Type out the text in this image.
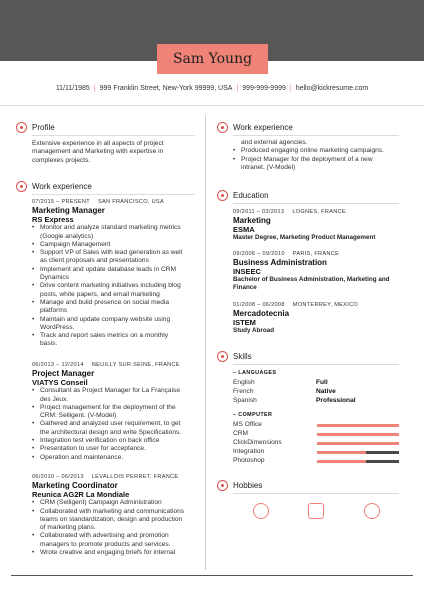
Sam Young
11/11/1985 | 999 Franklin Street, New-York 99999, USA | 999-999-9999 | hello@kickresume.com
Profile
Extensive experience in all aspects of project
management and Marketing with expertise in
complexes projects.
Work experience
07/2015 – PRESENT SAN FRANCISCO, USA
Marketing Manager
RS Express
• Monitor and analyze standard marketing metrics
(Google analytics)
• Campaign Management
• Support VP of Sales with lead generation as well
as client proposals and presentations
• Implement and update database leads in CRM
Dynamics
• Drive content marketing initiatives including blog
posts, white papers, and email marketing
• Manage and build presence on social media
platforms
• Maintain and update company website using
WordPress.
• Track and report sales metrics on a monthly
basis.
06/2013 – 12/2014 NEUILLY SUR SEINE, FRANCE
Project Manager
VIATYS Conseil
• Consultant as Project Manager for La Française
des Jeux.
• Project management for the deployment of the
CRM: Selligent. (V-Model)
• Gathered and analyzed user requirement, to get
the architectural design and write Specifications.
• Integration test verification on back office
• Presentation to user for acceptance.
• Operation and maintenance.
06/2010 – 06/2013 LEVALLOIS PERRET, FRANCE
Marketing Coordinator
Reunica AG2R La Mondiale
• CRM (Selligent) Campaign Administration
• Collaborated with marketing and communications
teams on standardization, design and production
of marketing plans.
• Collaborated with advertising and promotion
managers to promote products and services.
• Wrote creative and engaging briefs for internal
Work experience
and external agencies.
• Produced engaging online marketing campaigns.
• Project Manager for the deployment of a new
intranet. (V-Model)
Education
09/2011 – 03/2013 LOGNES, FRANCE
Marketing
ESMA
Master Degree, Marketing Product Management
09/2006 – 09/2010 PARIS, FRANCE
Business Administration
INSEEC
Bachelor of Business Administration, Marketing and
Finance
01/2008 – 06/2008 MONTERREY, MEXICO
Mercadotecnia
ISTEM
Study Abroad
Skills
– LANGUAGES
English	Full
French	Native
Spanish	Professional
– COMPUTER
MS Office
CRM
ClickDimensions
Integration
Photoshop
Hobbies
